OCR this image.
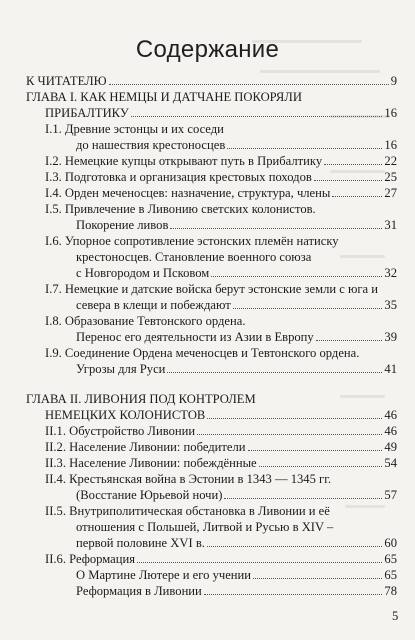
Содержание
К ЧИТАТЕЛЮ	9
ГЛАВА I. КАК НЕМЦЫ И ДАТЧАНЕ ПОКОРЯЛИ
ПРИБАЛТИКУ	16
I.1. Древние эстонцы и их соседи
до нашествия крестоносцев	16
I.2. Немецкие купцы открывают путь в Прибалтику	22
I.3. Подготовка и организация крестовых походов	25
I.4. Орден меченосцев: назначение, структура, члены	27
I.5. Привлечение в Ливонию светских колонистов.
Покорение ливов	31
I.6. Упорное сопротивление эстонских племён натиску
крестоносцев. Становление военного союза
с Новгородом и Псковом	32
I.7. Немецкие и датские войска берут эстонские земли с юга и
севера в клещи и побеждают	35
I.8. Образование Тевтонского ордена.
Перенос его деятельности из Азии в Европу	39
I.9. Соединение Ордена меченосцев и Тевтонского ордена.
Угрозы для Руси	41
ГЛАВА II. ЛИВОНИЯ ПОД КОНТРОЛЕМ
НЕМЕЦКИХ КОЛОНИСТОВ	46
II.1. Обустройство Ливонии	46
II.2. Население Ливонии: победители	49
II.3. Население Ливонии: побеждённые	54
II.4. Крестьянская война в Эстонии в 1343 — 1345 гг.
(Восстание Юрьевой ночи)	57
II.5. Внутриполитическая обстановка в Ливонии и её
отношения с Польшей, Литвой и Русью в XIV –
первой половине XVI в.	60
II.6. Реформация	65
О Мартине Лютере и его учении	65
Реформация в Ливонии	78
5
